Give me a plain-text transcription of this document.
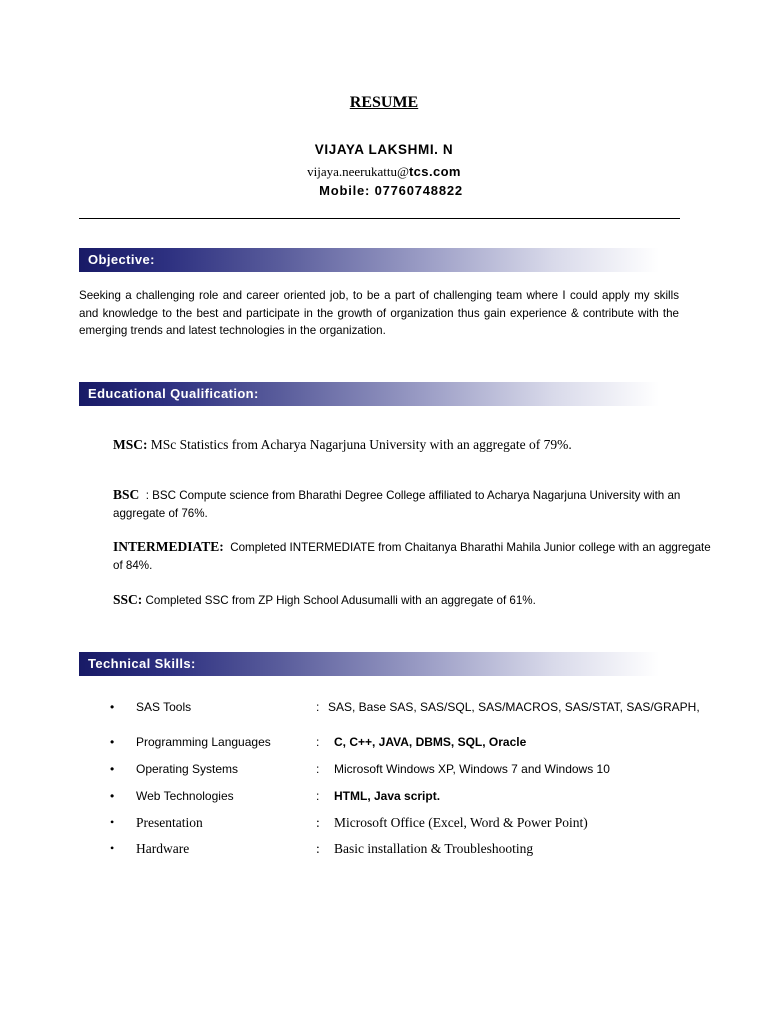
RESUME
VIJAYA LAKSHMI. N
vijaya.neerukattu@tcs.com
Mobile: 07760748822
Objective:
Seeking a challenging role and career oriented job, to be a part of challenging team where I could apply my skills and knowledge to the best and participate in the growth of organization thus gain experience & contribute with the emerging trends and latest technologies in the organization.
Educational Qualification:
MSC: MSc Statistics from Acharya Nagarjuna University with an aggregate of 79%.
BSC : BSC Compute science from Bharathi Degree College affiliated to Acharya Nagarjuna University with an aggregate of 76%.
INTERMEDIATE: Completed INTERMEDIATE from Chaitanya Bharathi Mahila Junior college with an aggregate of 84%.
SSC: Completed SSC from ZP High School Adusumalli with an aggregate of 61%.
Technical Skills:
• SAS Tools	: SAS, Base SAS, SAS/SQL, SAS/MACROS, SAS/STAT, SAS/GRAPH,
• Programming Languages	: C, C++, JAVA, DBMS, SQL, Oracle
• Operating Systems	: Microsoft Windows XP, Windows 7 and Windows 10
• Web Technologies	: HTML, Java script.
• Presentation	: Microsoft Office (Excel, Word & Power Point)
• Hardware	: Basic installation & Troubleshooting
